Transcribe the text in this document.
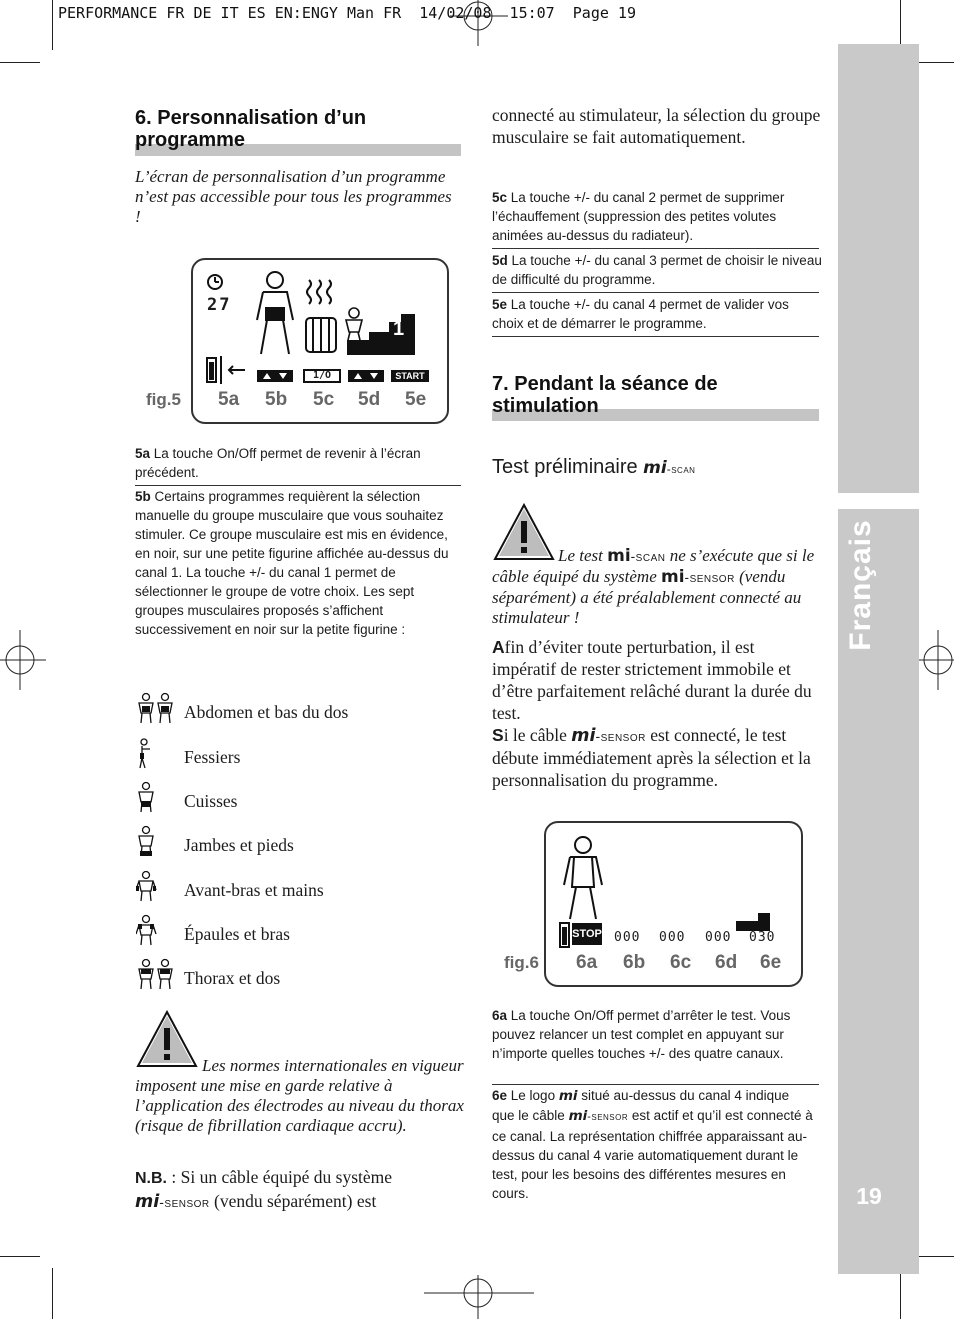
PERFORMANCE FR DE IT ES EN:ENGY Man FR  14/02/08  15:07  Page 19
Français
19
6. Personnalisation d’un
programme
L’écran de personnalisation d’un programme n’est pas accessible pour tous les programmes !
27
1
1/O	START
fig.5 5a 5b 5c 5d 5e
5a La touche On/Off permet de revenir à l’écran précédent.
5b Certains programmes requièrent la sélection manuelle du groupe musculaire que vous souhaitez stimuler. Ce groupe musculaire est mis en évidence, en noir, sur une petite figurine affichée au-dessus du canal 1. La touche +/- du canal 1 permet de sélectionner le groupe de votre choix. Les sept groupes musculaires proposés s’affichent successivement en noir sur la petite figurine :
Abdomen et bas du dos
Fessiers
Cuisses
Jambes et pieds
Avant-bras et mains
Épaules et bras
Thorax et dos
Les normes internationales en vigueur imposent une mise en garde relative à l’application des électrodes au niveau du thorax (risque de fibrillation cardiaque accru).
N.B. : Si un câble équipé du système
mi-sensor (vendu séparément) est
connecté au stimulateur, la sélection du groupe musculaire se fait automatiquement.
5c La touche +/- du canal 2 permet de supprimer l’échauffement (suppression des petites volutes animées au-dessus du radiateur).
5d La touche +/- du canal 3 permet de choisir le niveau de difficulté du programme.
5e La touche +/- du canal 4 permet de valider vos choix et de démarrer le programme.
7. Pendant la séance de
stimulation
Test préliminaire mi-scan
Le test mi-scan ne s’exécute que si le câble équipé du système mi-sensor (vendu séparément) a été préalablement connecté au stimulateur !
Afin d’éviter toute perturbation, il est impératif de rester strictement immobile et d’être parfaitement relâché durant la durée du test.
Si le câble mi-sensor est connecté, le test débute immédiatement après la sélection et la personnalisation du programme.
STOP 000 000 000 030
fig.6 6a 6b 6c 6d 6e
6a La touche On/Off permet d’arrêter le test. Vous pouvez relancer un test complet en appuyant sur n’importe quelles touches +/- des quatre canaux.
6e Le logo mi situé au-dessus du canal 4 indique que le câble mi-sensor est actif et qu’il est connecté à ce canal. La représentation chiffrée apparaissant au-dessus du canal 4 varie automatiquement durant le test, pour les besoins des différentes mesures en cours.
